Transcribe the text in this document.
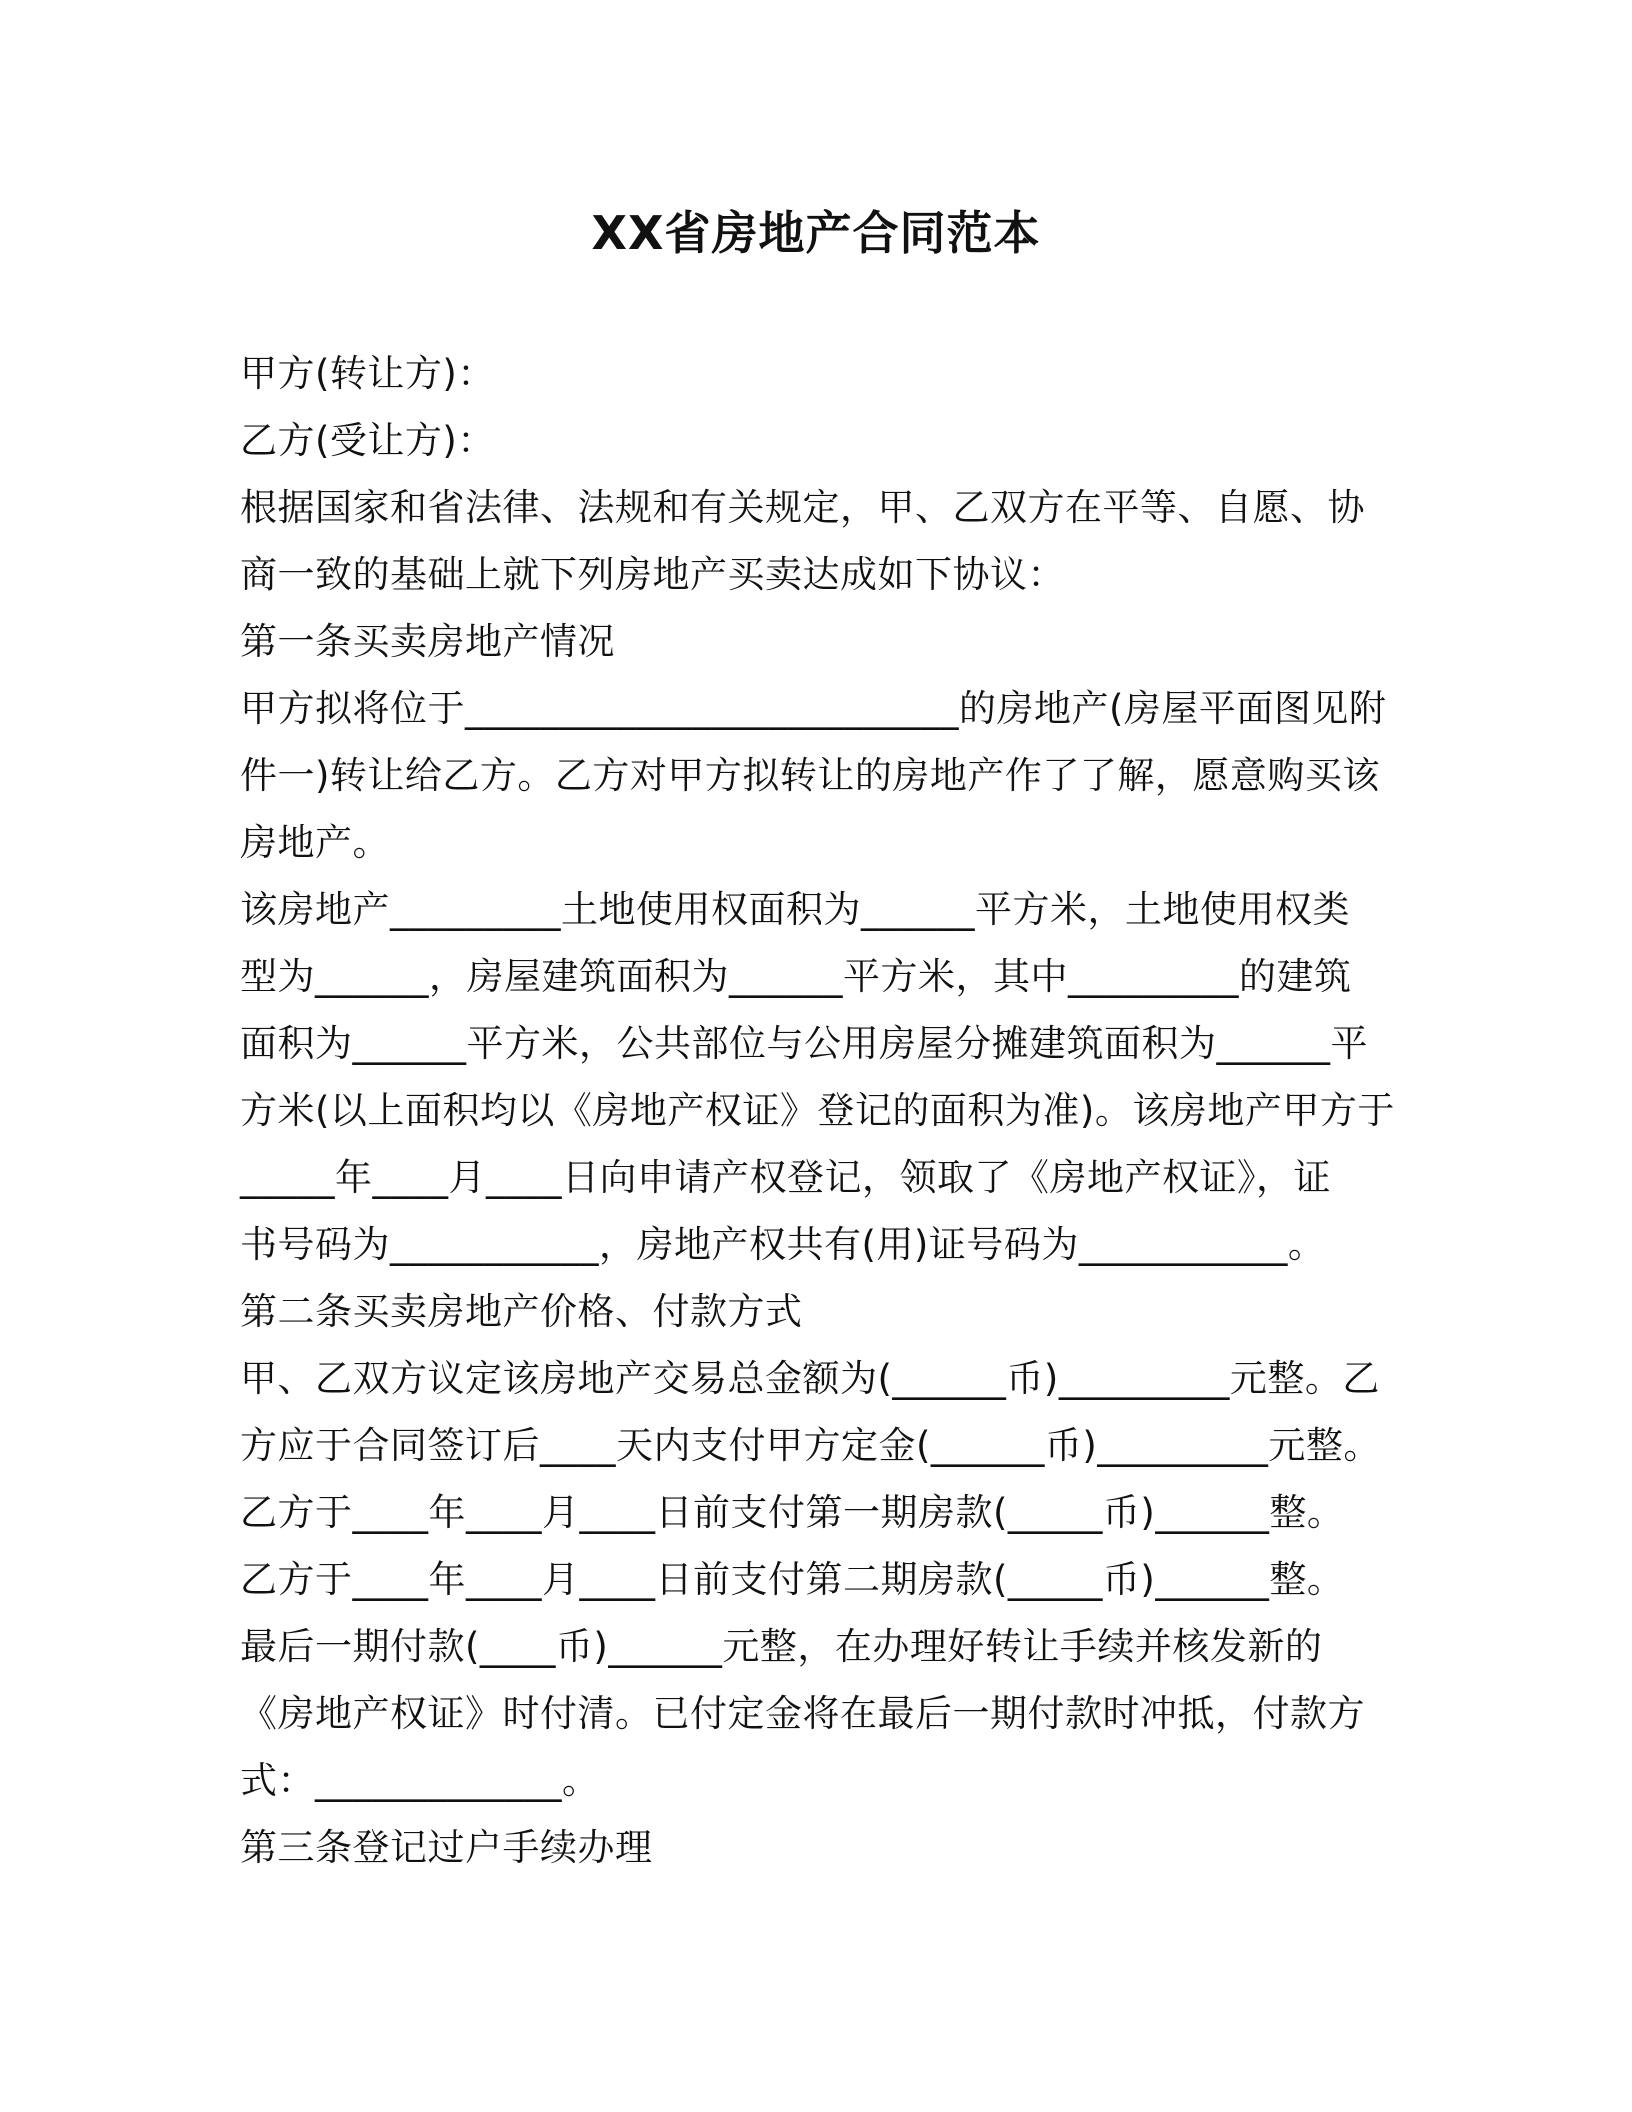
XX省房地产合同范本
甲方(转让方)：
乙方(受让方)：
根据国家和省法律、法规和有关规定，甲、乙双方在平等、自愿、协
商一致的基础上就下列房地产买卖达成如下协议：
第一条买卖房地产情况
甲方拟将位于__________________________的房地产(房屋平面图见附
件一)转让给乙方。乙方对甲方拟转让的房地产作了了解，愿意购买该
房地产。
该房地产_________土地使用权面积为______平方米，土地使用权类
型为______，房屋建筑面积为______平方米，其中_________的建筑
面积为______平方米，公共部位与公用房屋分摊建筑面积为______平
方米(以上面积均以《房地产权证》登记的面积为准)。该房地产甲方于
_____年____月____日向申请产权登记，领取了《房地产权证》，证
书号码为___________，房地产权共有(用)证号码为___________。
第二条买卖房地产价格、付款方式
甲、乙双方议定该房地产交易总金额为(______币)_________元整。乙
方应于合同签订后____天内支付甲方定金(______币)_________元整。
乙方于____年____月____日前支付第一期房款(_____币)______整。
乙方于____年____月____日前支付第二期房款(_____币)______整。
最后一期付款(____币)______元整，在办理好转让手续并核发新的
《房地产权证》时付清。已付定金将在最后一期付款时冲抵，付款方
式：_____________。
第三条登记过户手续办理
